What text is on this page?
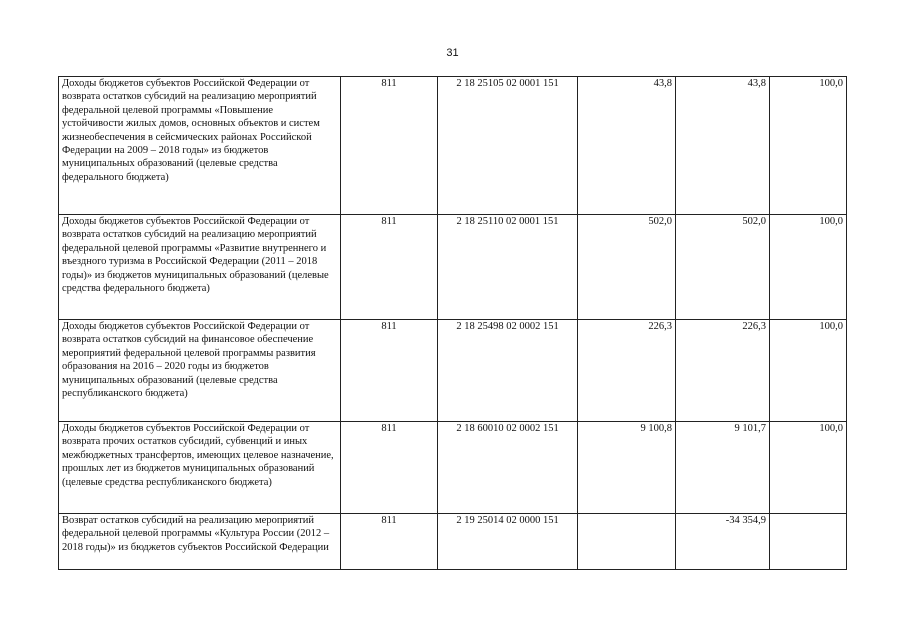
31
Доходы бюджетов субъектов Российской Федерации от возврата остатков субсидий на реализацию мероприятий федеральной целевой программы «Повышение устойчивости жилых домов, основных объектов и систем жизнеобеспечения в сейсмических районах Российской Федерации на 2009 – 2018 годы» из бюджетов муниципальных образований (целевые средства федерального бюджета)	811	2 18 25105 02 0001 151	43,8	43,8	100,0
Доходы бюджетов субъектов Российской Федерации от возврата остатков субсидий на реализацию мероприятий федеральной целевой программы «Развитие внутреннего и въездного туризма в Российской Федерации (2011 – 2018 годы)» из бюджетов муниципальных образований (целевые средства федерального бюджета)	811	2 18 25110 02 0001 151	502,0	502,0	100,0
Доходы бюджетов субъектов Российской Федерации от возврата остатков субсидий на финансовое обеспечение мероприятий федеральной целевой программы развития образования на 2016 – 2020 годы из бюджетов муниципальных образований (целевые средства республиканского бюджета)	811	2 18 25498 02 0002 151	226,3	226,3	100,0
Доходы бюджетов субъектов Российской Федерации от возврата прочих остатков субсидий, субвенций и иных межбюджетных трансфертов, имеющих целевое назначение, прошлых лет из бюджетов муниципальных образований (целевые средства республиканского бюджета)	811	2 18 60010 02 0002 151	9 100,8	9 101,7	100,0
Возврат остатков субсидий на реализацию мероприятий федеральной целевой программы «Культура России (2012 – 2018 годы)» из бюджетов субъектов Российской Федерации	811	2 19 25014 02 0000 151		-34 354,9	
